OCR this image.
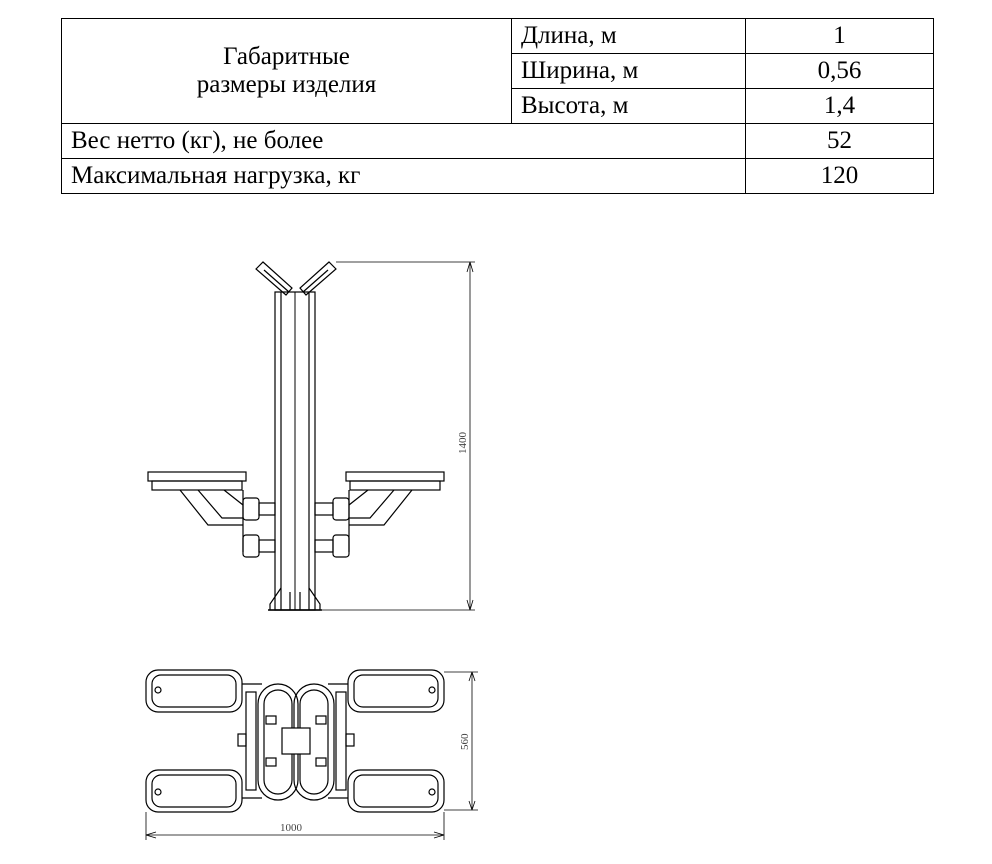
Габаритные
размеры изделия	Длина, м	1
	Ширина, м	0,56
	Высота, м	1,4
Вес нетто (кг), не более		52
Максимальная нагрузка, кг		120
1400
560
1000
